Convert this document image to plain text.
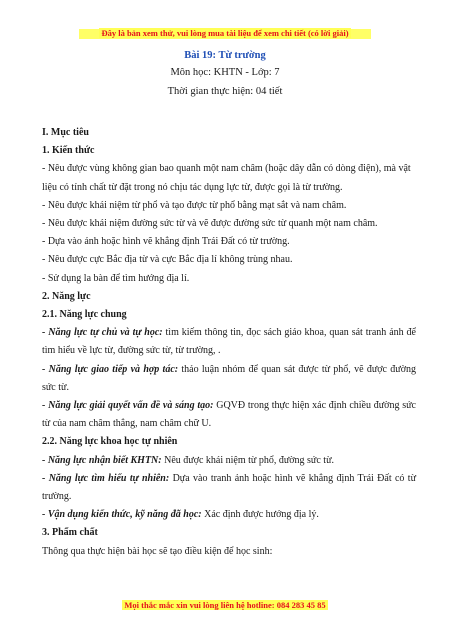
Đây là bản xem thử, vui lòng mua tài liệu để xem chi tiết (có lời giải)
Bài 19: Từ trường
Môn học: KHTN - Lớp: 7
Thời gian thực hiện: 04 tiết

I. Mục tiêu

1. Kiến thức

- Nêu được vùng không gian bao quanh một nam châm (hoặc dây dẫn có dòng điện), mà vật liệu có tính chất từ đặt trong nó chịu tác dụng lực từ, được gọi là từ trường.

- Nêu được khái niệm từ phổ và tạo được từ phổ bằng mạt sắt và nam châm.

- Nêu được khái niệm đường sức từ và vẽ được đường sức từ quanh một nam châm.

- Dựa vào ảnh hoặc hình vẽ khẳng định Trái Đất có từ trường.

- Nêu được cực Bắc địa từ và cực Bắc địa lí không trùng nhau.

- Sử dụng la bàn để tìm hướng địa lí.

2. Năng lực

2.1. Năng lực chung

- Năng lực tự chủ và tự học: tìm kiếm thông tin, đọc sách giáo khoa, quan sát tranh ảnh để tìm hiểu về lực từ, đường sức từ, từ trường, .

- Năng lực giao tiếp và hợp tác: thảo luận nhóm để quan sát được từ phổ, vẽ được đường sức từ.

- Năng lực giải quyết vấn đề và sáng tạo: GQVĐ trong thực hiện xác định chiều đường sức từ của nam châm thẳng, nam châm chữ U.

2.2. Năng lực khoa học tự nhiên

- Năng lực nhận biết KHTN: Nêu được khái niệm từ phổ, đường sức từ.

- Năng lực tìm hiểu tự nhiên: Dựa vào tranh ảnh hoặc hình vẽ khẳng định Trái Đất có từ trường.

- Vận dụng kiến thức, kỹ năng đã học: Xác định được hướng địa lý.

3. Phẩm chất

Thông qua thực hiện bài học sẽ tạo điều kiện để học sinh:

Mọi thắc mắc xin vui lòng liên hệ hotline: 084 283 45 85
